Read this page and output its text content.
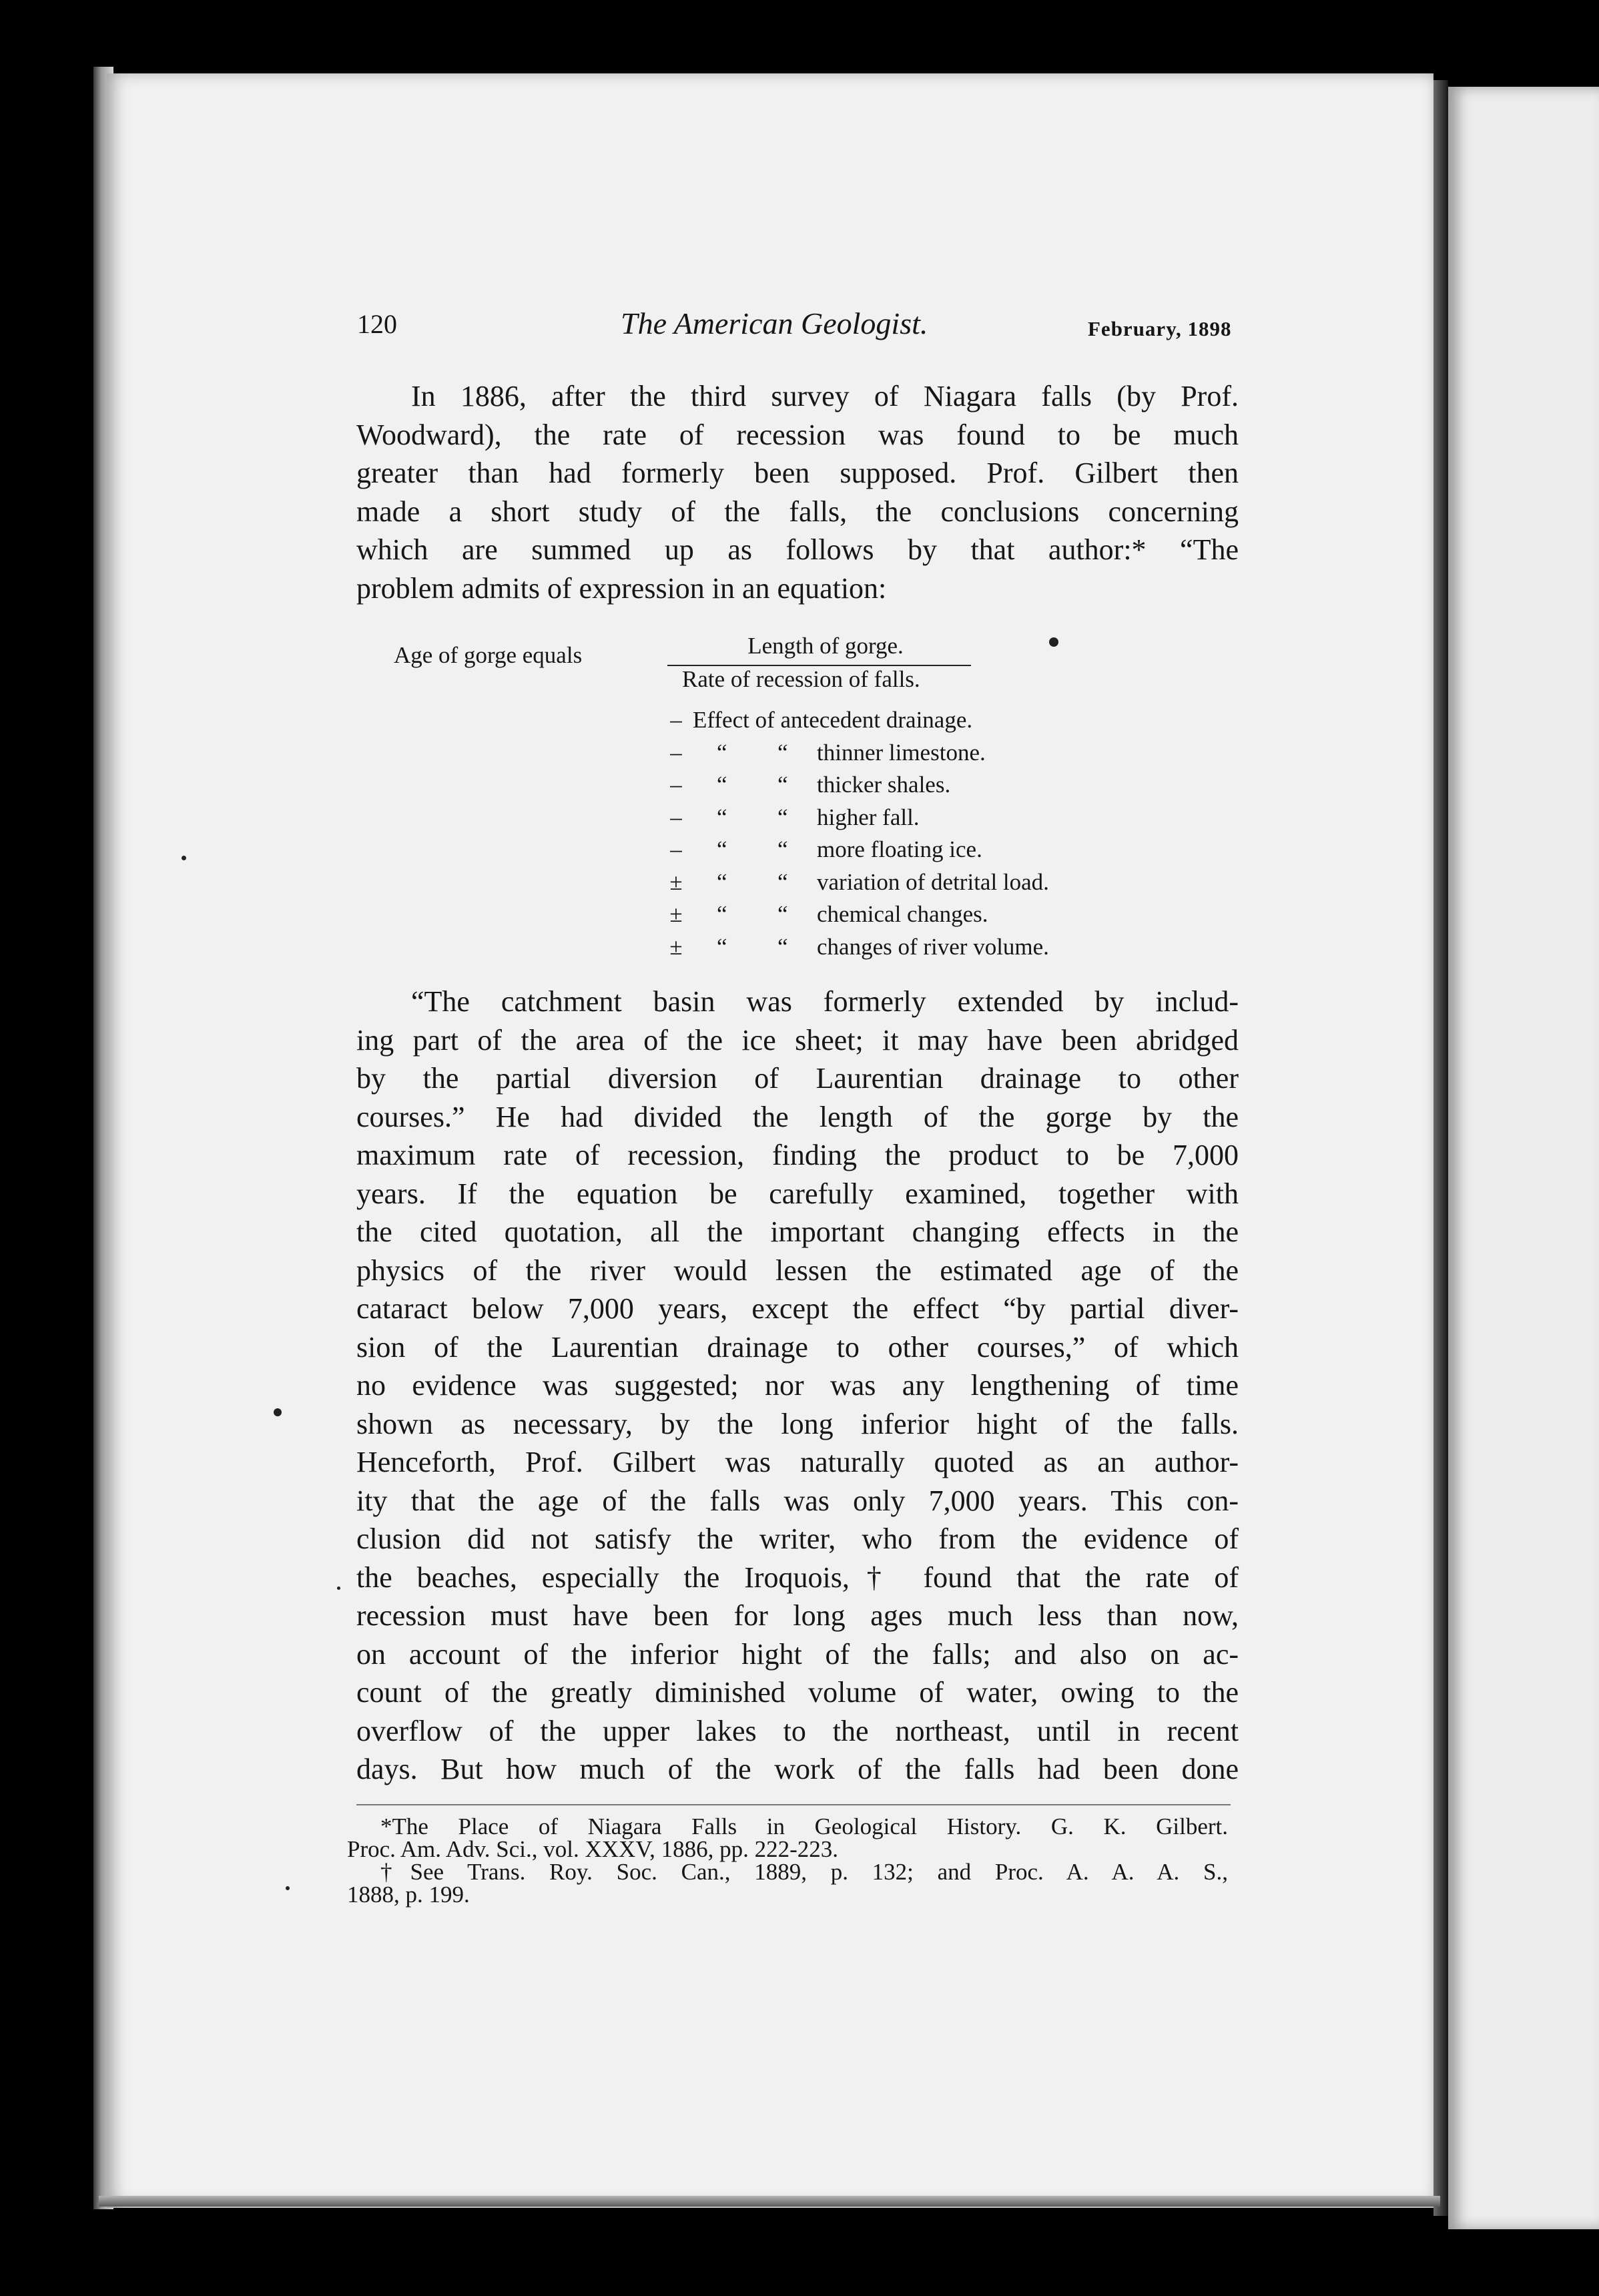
120	The American Geologist.	February, 1898
In 1886, after the third survey of Niagara falls (by Prof.
Woodward), the rate of recession was found to be much
greater than had formerly been supposed. Prof. Gilbert then
made a short study of the falls, the conclusions concerning
which are summed up as follows by that author:* “The
problem admits of expression in an equation:
Age of gorge equals	Length of gorge.
Rate of recession of falls.
– Effect of antecedent drainage.
– “ “ thinner limestone.
– “ “ thicker shales.
– “ “ higher fall.
– “ “ more floating ice.
± “ “ variation of detrital load.
± “ “ chemical changes.
± “ “ changes of river volume.
“The catchment basin was formerly extended by includ-
ing part of the area of the ice sheet; it may have been abridged
by the partial diversion of Laurentian drainage to other
courses.” He had divided the length of the gorge by the
maximum rate of recession, finding the product to be 7,000
years. If the equation be carefully examined, together with
the cited quotation, all the important changing effects in the
physics of the river would lessen the estimated age of the
cataract below 7,000 years, except the effect “by partial diver-
sion of the Laurentian drainage to other courses,” of which
no evidence was suggested; nor was any lengthening of time
shown as necessary, by the long inferior hight of the falls.
Henceforth, Prof. Gilbert was naturally quoted as an author-
ity that the age of the falls was only 7,000 years. This con-
clusion did not satisfy the writer, who from the evidence of
the beaches, especially the Iroquois,† found that the rate of
recession must have been for long ages much less than now,
on account of the inferior hight of the falls; and also on ac-
count of the greatly diminished volume of water, owing to the
overflow of the upper lakes to the northeast, until in recent
days. But how much of the work of the falls had been done
*The Place of Niagara Falls in Geological History. G. K. Gilbert.
Proc. Am. Adv. Sci., vol. XXXV, 1886, pp. 222-223.
†See Trans. Roy. Soc. Can., 1889, p. 132; and Proc. A. A. A. S.,
1888, p. 199.
